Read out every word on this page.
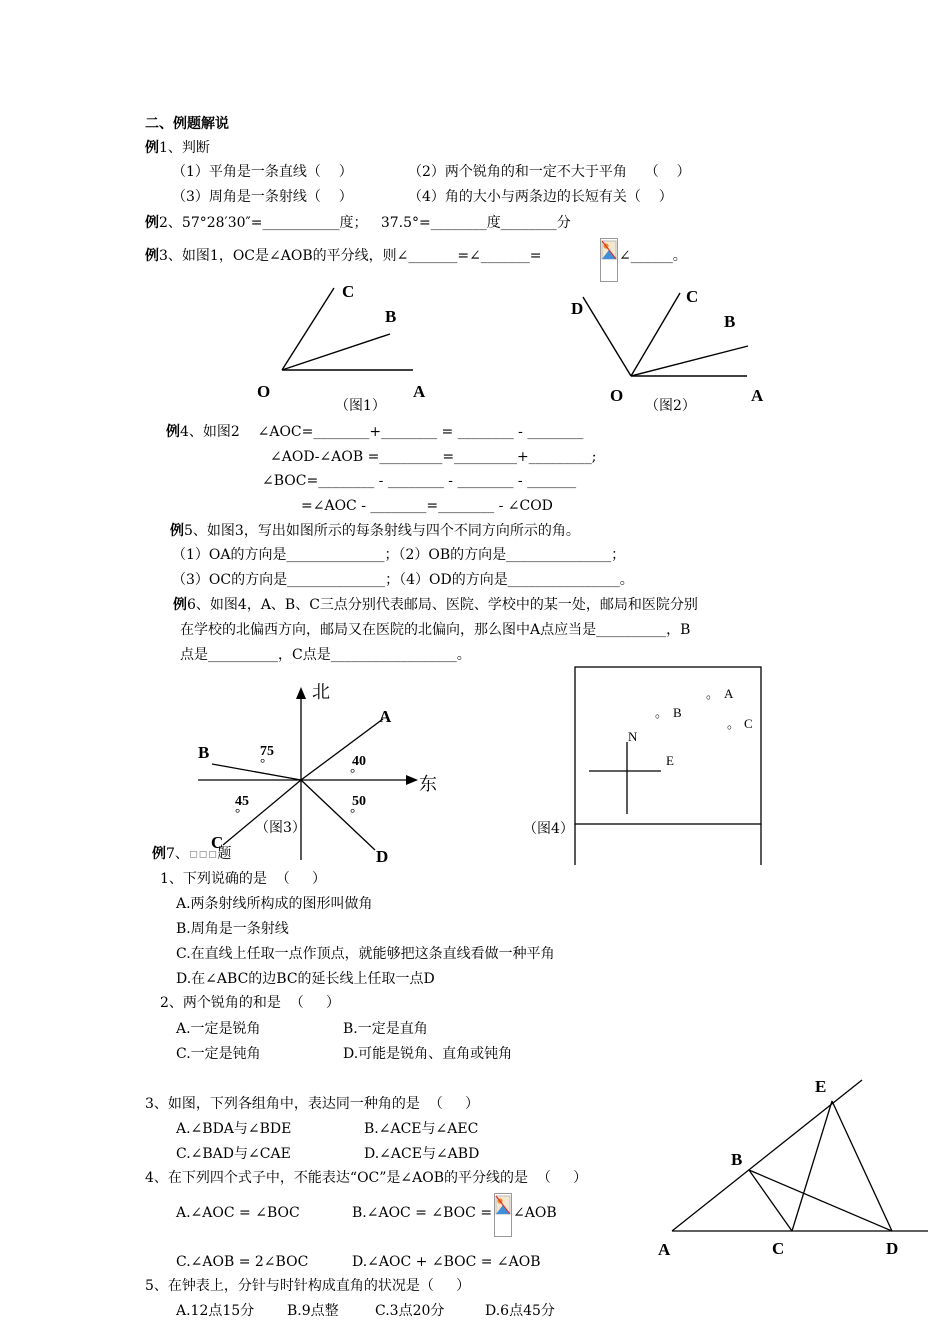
二、例题解说
例1、判断
（1）平角是一条直线（    ）	（2）两个锐角的和一定不大于平角    （    ）
（3）周角是一条射线（    ）	（4）角的大小与两条边的长短有关（    ）
例2、57°28′30″=___________度；   37.5°=________度________分
例3、如图1，OC是∠AOB的平分线，则∠_______=∠_______=	∠______。
C
B
O	A
（图1）
D
C
B
O	A
（图2）
例4、如图2    ∠AOC=________+________ = ________ - ________
∠AOD-∠AOB =_________=_________+_________;
∠BOC=________ - ________ - ________ - _______
=∠AOC - ________=________ - ∠COD
例5、如图3，写出如图所示的每条射线与四个不同方向所示的角。
（1）OA的方向是______________；（2）OB的方向是_______________；
（3）OC的方向是______________；（4）OD的方向是________________。
例6、如图4，A、B、C三点分别代表邮局、医院、学校中的某一处，邮局和医院分别
在学校的北偏西方向，邮局又在医院的北偏向，那么图中A点应当是__________，B
点是__________，C点是__________________。
北
东
A
B
C
D
75
°	40
°
45
°
50
°
（图3）
。 A
。 B
。 C
N
E
（图4）
例7、▫▫▫题
1、下列说确的是  （     ）
A.两条射线所构成的图形叫做角
B.周角是一条射线
C.在直线上任取一点作顶点，就能够把这条直线看做一种平角
D.在∠ABC的边BC的延长线上任取一点D
2、两个锐角的和是  （     ）
A.一定是锐角	B.一定是直角
C.一定是钝角	D.可能是锐角、直角或钝角
3、如图，下列各组角中，表达同一种角的是  （     ）
A.∠BDA与∠BDE	B.∠ACE与∠AEC
C.∠BAD与∠CAE	D.∠ACE与∠ABD
4、在下列四个式子中，不能表达“OC”是∠AOB的平分线的是  （     ）
A.∠AOC = ∠BOC	B.∠AOC = ∠BOC = ∠AOB
C.∠AOB = 2∠BOC	D.∠AOC + ∠BOC = ∠AOB
5、在钟表上，分针与时针构成直角的状况是（     ）
A.12点15分 B.9点整	C.3点20分	D.6点45分
E
B
A	C	D
